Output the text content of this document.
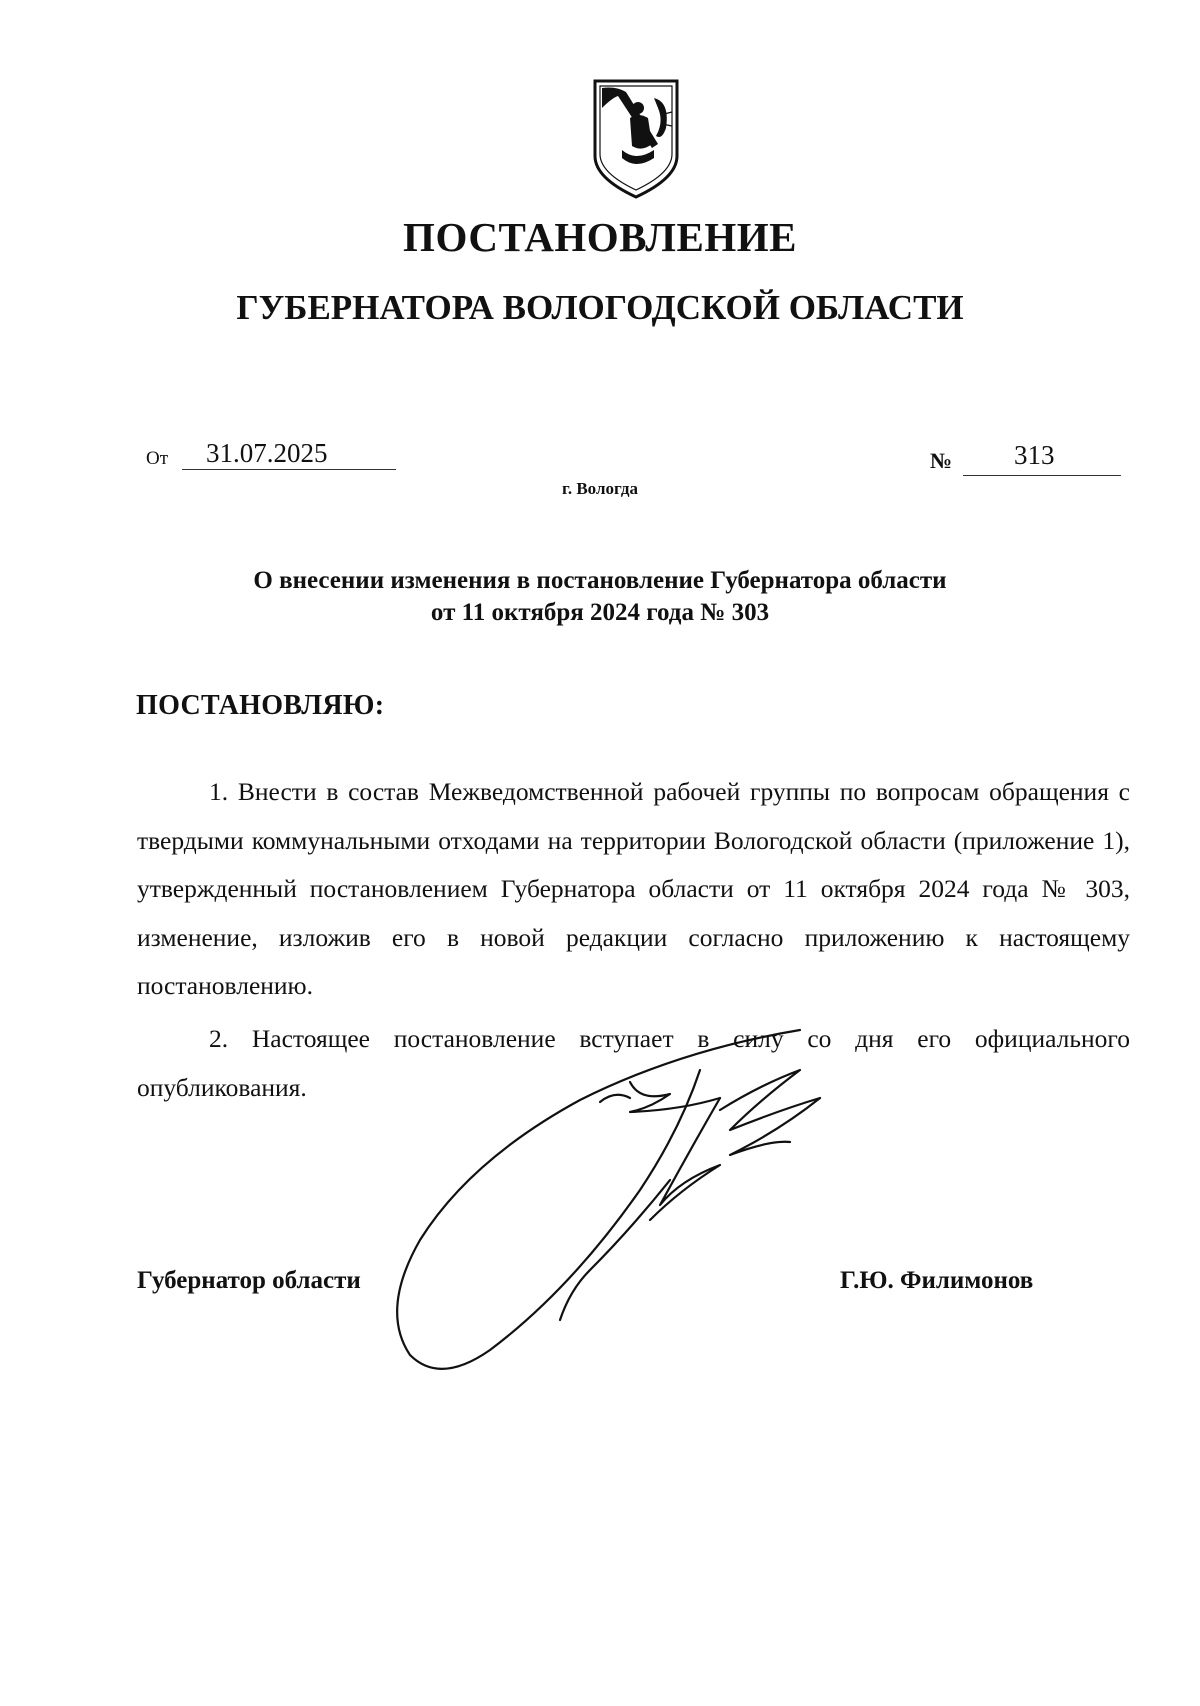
ПОСТАНОВЛЕНИЕ
ГУБЕРНАТОРА ВОЛОГОДСКОЙ ОБЛАСТИ
От 31.07.2025	№ 313
г. Вологда
О внесении изменения в постановление Губернатора области
от 11 октября 2024 года № 303
ПОСТАНОВЛЯЮ:
1. Внести в состав Межведомственной рабочей группы по вопросам обращения с твердыми коммунальными отходами на территории Вологодской области (приложение 1), утвержденный постановлением Губернатора области от 11 октября 2024 года № 303, изменение, изложив его в новой редакции согласно приложению к настоящему постановлению.
2. Настоящее постановление вступает в силу со дня его официального опубликования.
Губернатор области	Г.Ю. Филимонов
